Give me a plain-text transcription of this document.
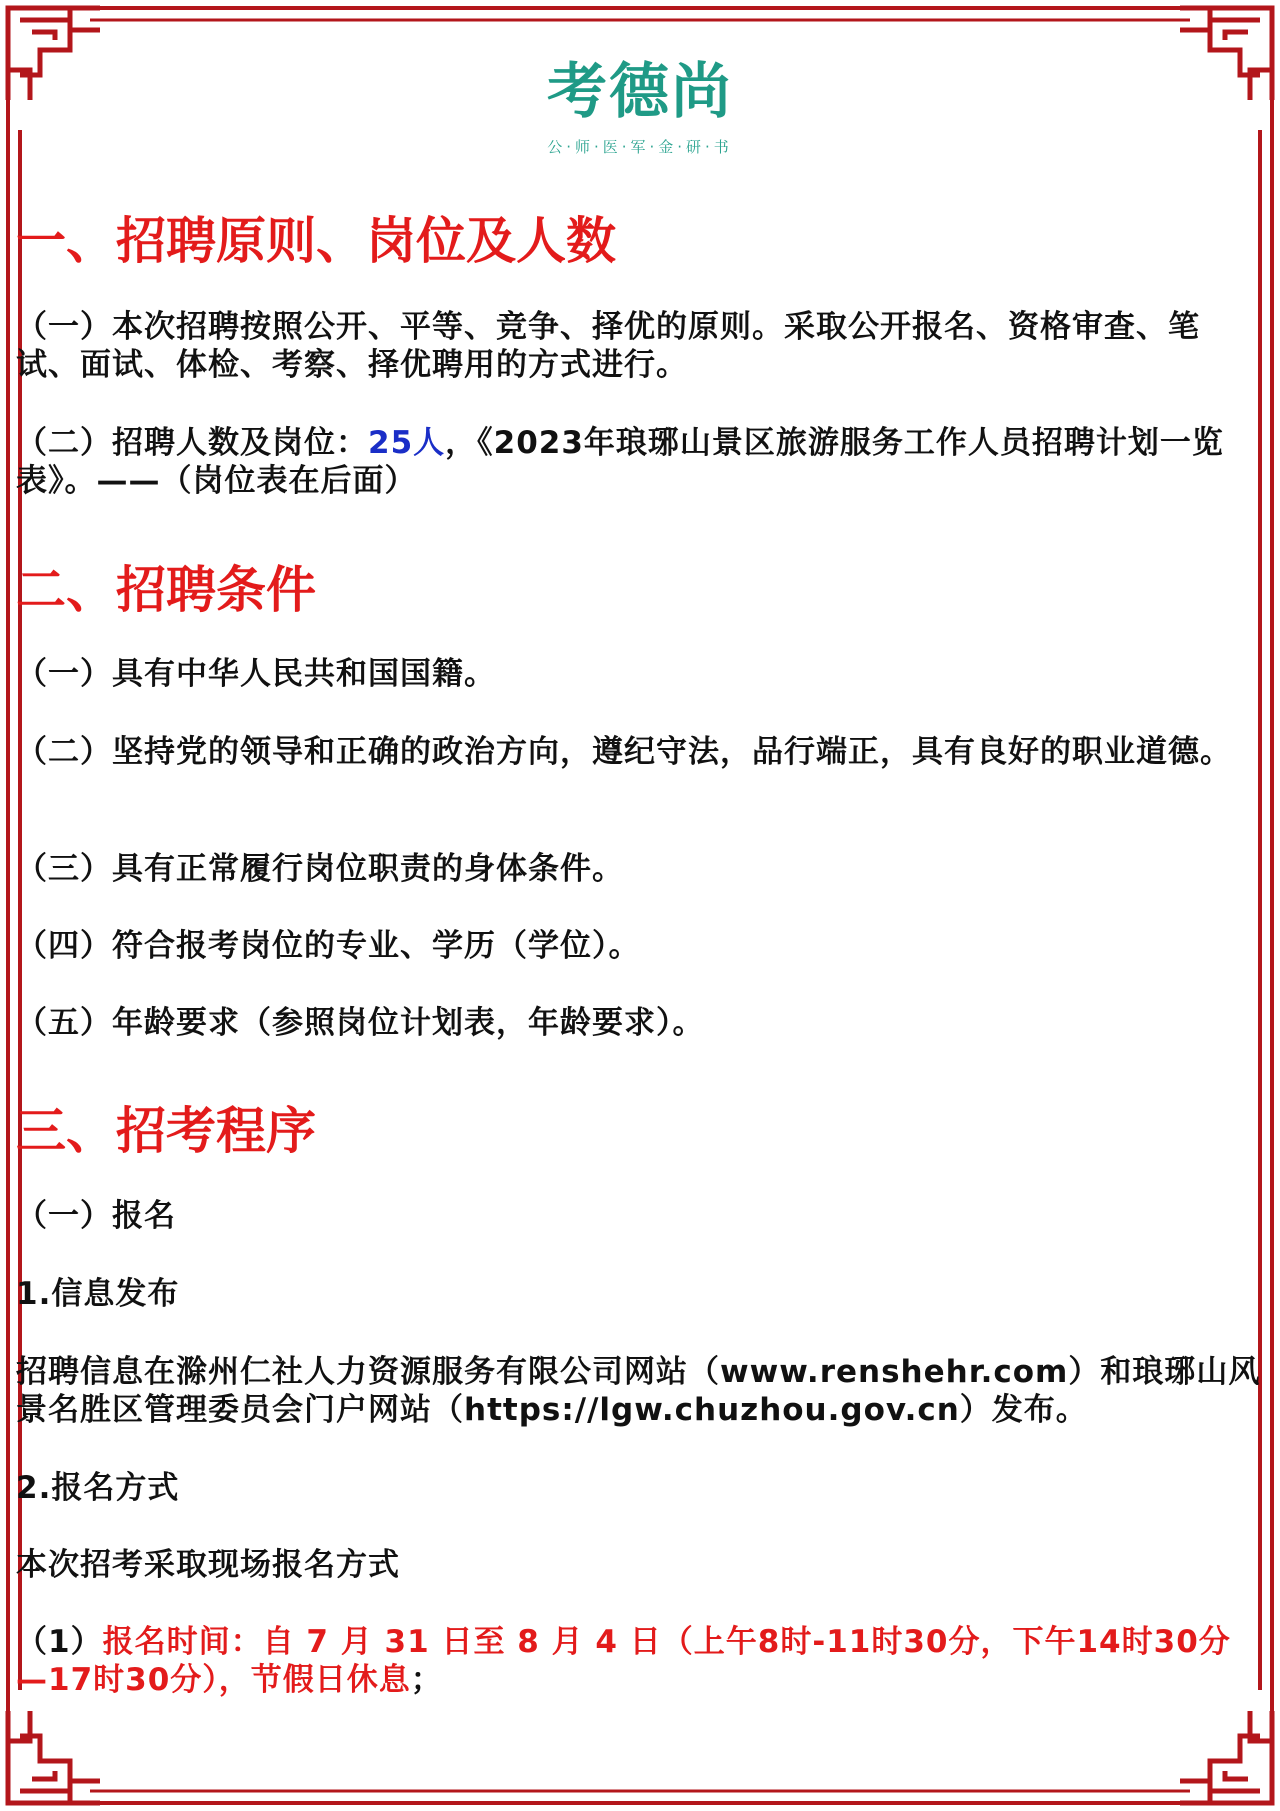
考德尚
公·师·医·军·金·研·书
一、招聘原则、岗位及人数
（一）本次招聘按照公开、平等、竞争、择优的原则。采取公开报名、资格审查、笔试、面试、体检、考察、择优聘用的方式进行。
（二）招聘人数及岗位：25人，《2023年琅琊山景区旅游服务工作人员招聘计划一览表》。——（岗位表在后面）
二、招聘条件
（一）具有中华人民共和国国籍。
（二）坚持党的领导和正确的政治方向，遵纪守法，品行端正，具有良好的职业道德。
（三）具有正常履行岗位职责的身体条件。
（四）符合报考岗位的专业、学历（学位）。
（五）年龄要求（参照岗位计划表，年龄要求）。
三、招考程序
（一）报名
1.信息发布
招聘信息在滁州仁社人力资源服务有限公司网站（www.renshehr.com）和琅琊山风景名胜区管理委员会门户网站（https://lgw.chuzhou.gov.cn）发布。
2.报名方式
本次招考采取现场报名方式
（1）报名时间：自 7 月 31 日至 8 月 4 日（上午8时-11时30分，下午14时30分—17时30分），节假日休息；
